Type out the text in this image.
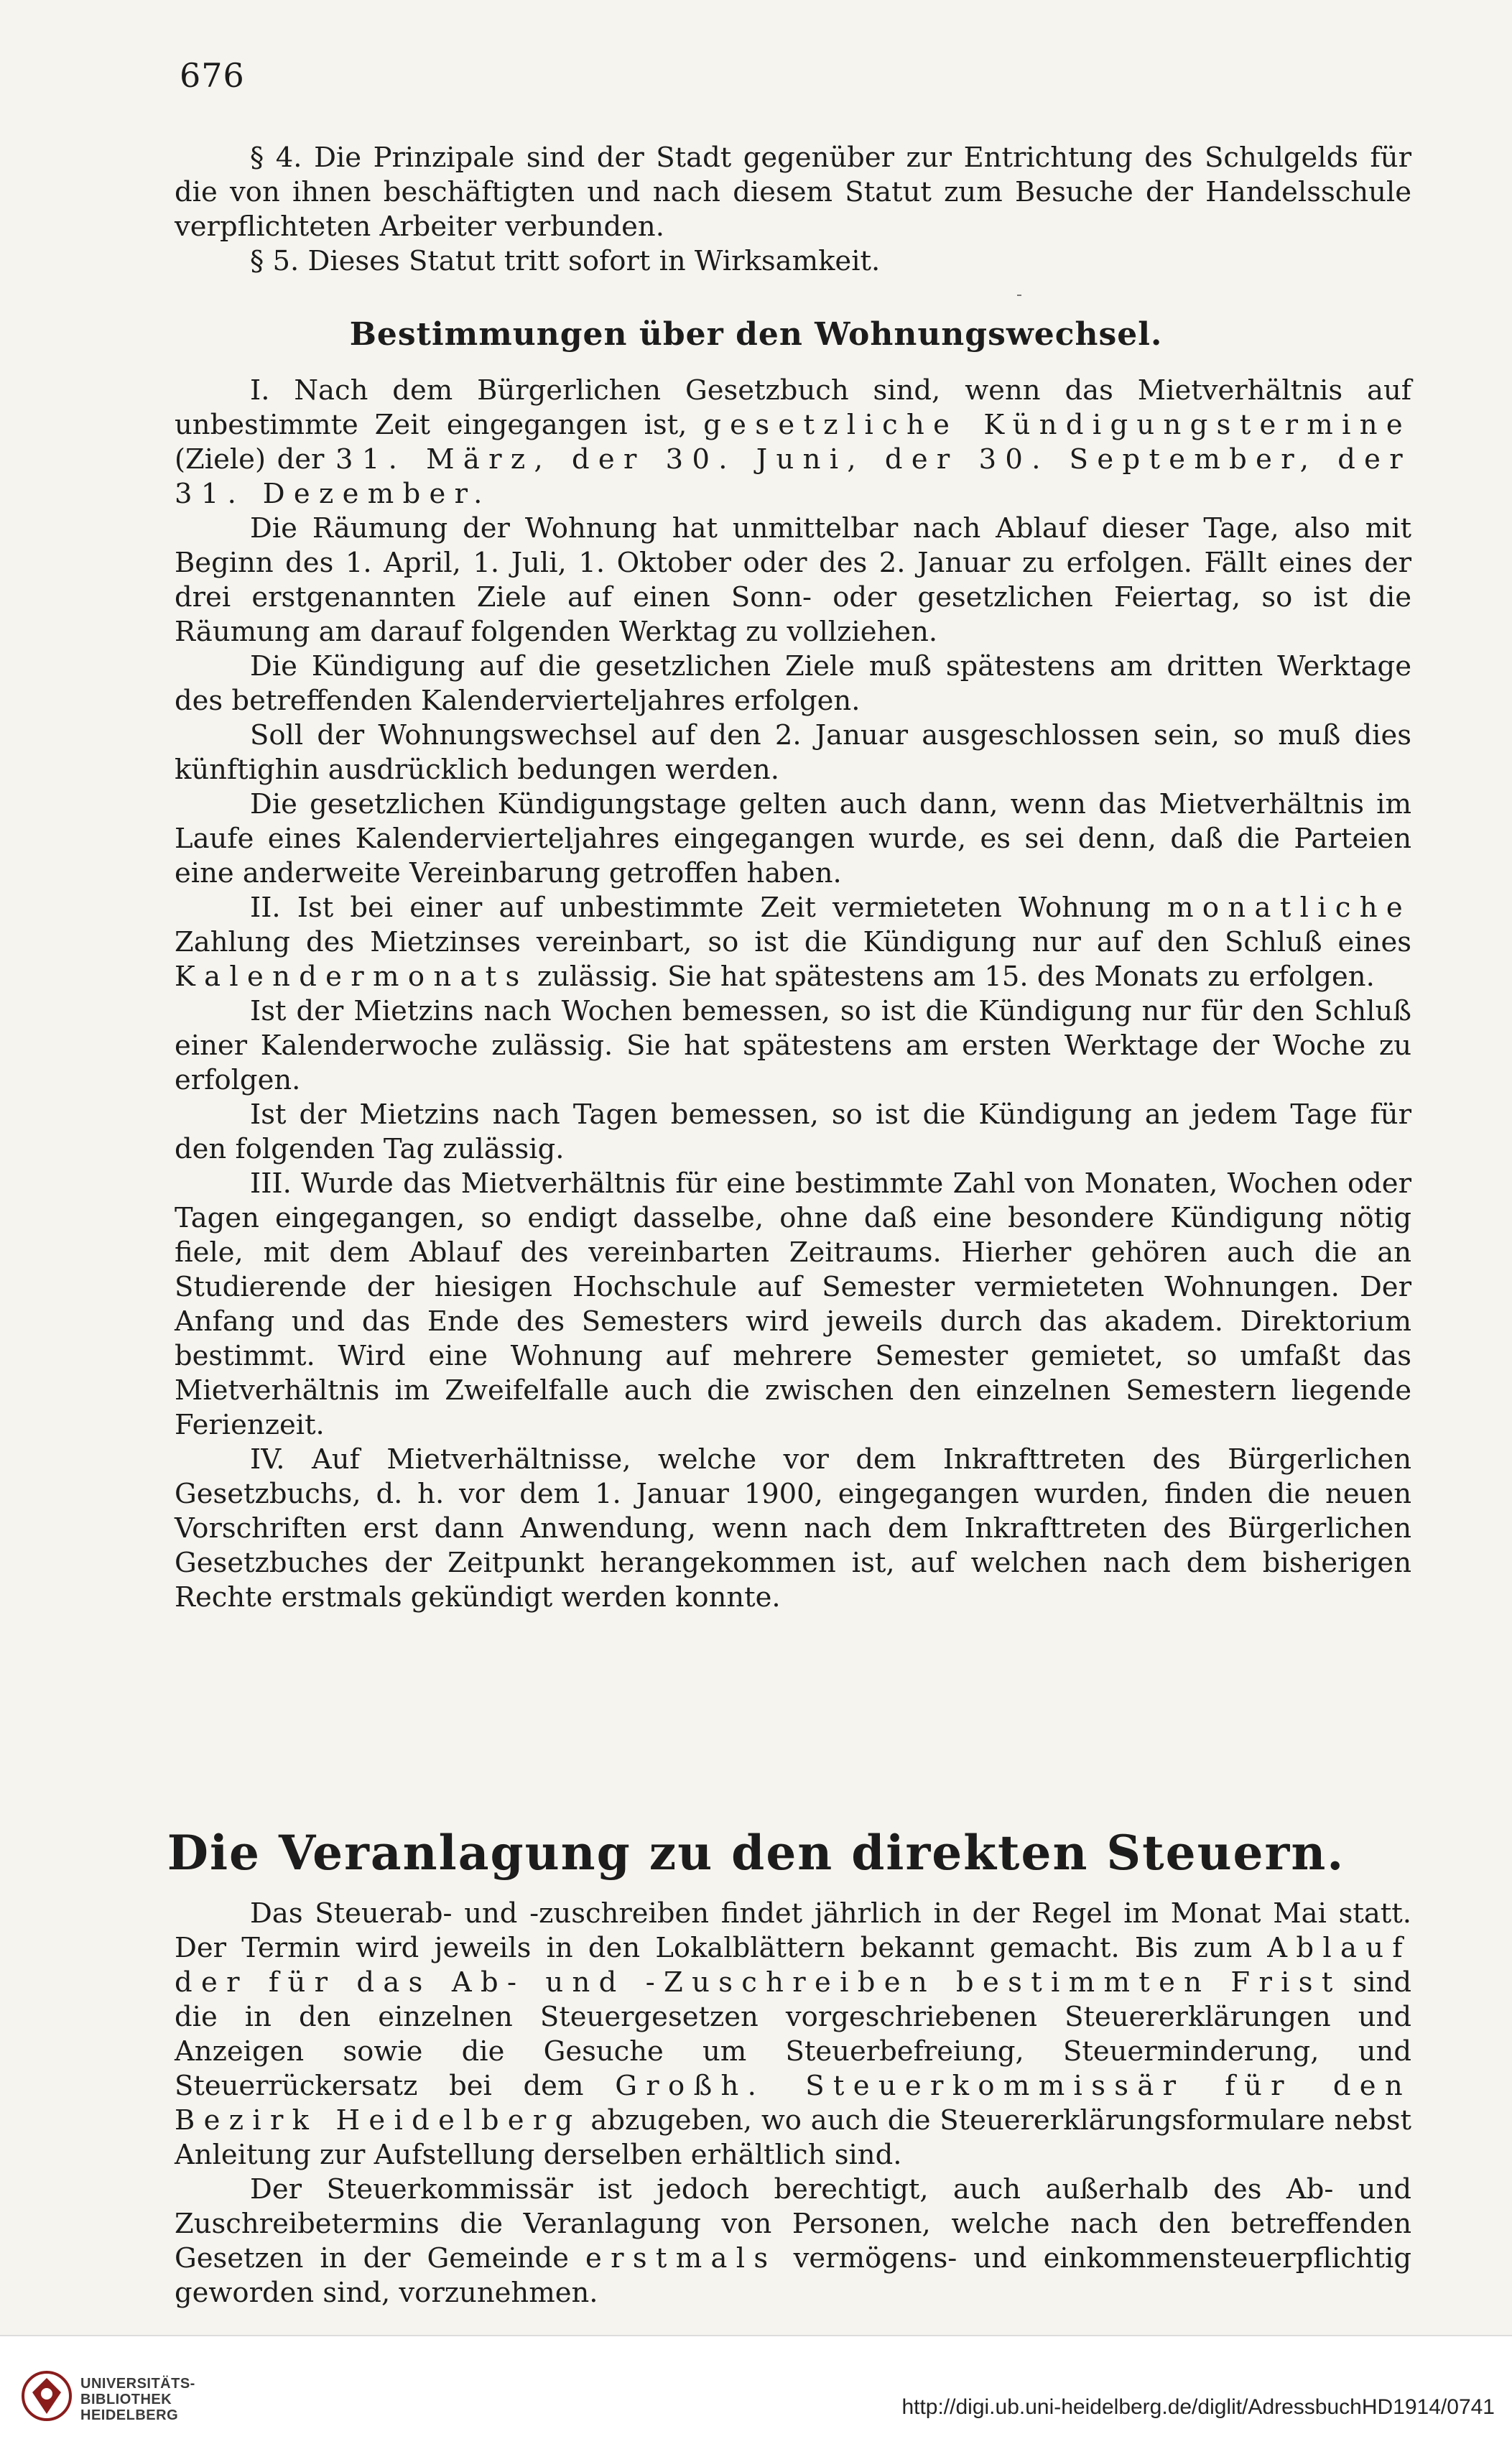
676

§ 4. Die Prinzipale sind der Stadt gegenüber zur Entrichtung des Schulgelds für die von ihnen beschäftigten und nach diesem Statut zum Besuche der Handelsschule verpflichteten Arbeiter verbunden.

§ 5. Dieses Statut tritt sofort in Wirksamkeit.

Bestimmungen über den Wohnungswechsel.

I. Nach dem Bürgerlichen Gesetzbuch sind, wenn das Mietverhältnis auf unbestimmte Zeit eingegangen ist, gesetzliche Kündigungstermine (Ziele) der 31. März, der 30. Juni, der 30. September, der 31. Dezember.

Die Räumung der Wohnung hat unmittelbar nach Ablauf dieser Tage, also mit Beginn des 1. April, 1. Juli, 1. Oktober oder des 2. Januar zu erfolgen. Fällt eines der drei erstgenannten Ziele auf einen Sonn- oder gesetzlichen Feiertag, so ist die Räumung am darauf folgenden Werktag zu vollziehen.

Die Kündigung auf die gesetzlichen Ziele muß spätestens am dritten Werktage des betreffenden Kalendervierteljahres erfolgen.

Soll der Wohnungswechsel auf den 2. Januar ausgeschlossen sein, so muß dies künftighin ausdrücklich bedungen werden.

Die gesetzlichen Kündigungstage gelten auch dann, wenn das Mietverhältnis im Laufe eines Kalendervierteljahres eingegangen wurde, es sei denn, daß die Parteien eine anderweite Vereinbarung getroffen haben.

II. Ist bei einer auf unbestimmte Zeit vermieteten Wohnung monatliche Zahlung des Mietzinses vereinbart, so ist die Kündigung nur auf den Schluß eines Kalendermonats zulässig. Sie hat spätestens am 15. des Monats zu erfolgen.

Ist der Mietzins nach Wochen bemessen, so ist die Kündigung nur für den Schluß einer Kalenderwoche zulässig. Sie hat spätestens am ersten Werktage der Woche zu erfolgen.

Ist der Mietzins nach Tagen bemessen, so ist die Kündigung an jedem Tage für den folgenden Tag zulässig.

III. Wurde das Mietverhältnis für eine bestimmte Zahl von Monaten, Wochen oder Tagen eingegangen, so endigt dasselbe, ohne daß eine besondere Kündigung nötig fiele, mit dem Ablauf des vereinbarten Zeitraums. Hierher gehören auch die an Studierende der hiesigen Hochschule auf Semester vermieteten Wohnungen. Der Anfang und das Ende des Semesters wird jeweils durch das akadem. Direktorium bestimmt. Wird eine Wohnung auf mehrere Semester gemietet, so umfaßt das Mietverhältnis im Zweifelfalle auch die zwischen den einzelnen Semestern liegende Ferienzeit.

IV. Auf Mietverhältnisse, welche vor dem Inkrafttreten des Bürgerlichen Gesetzbuchs, d. h. vor dem 1. Januar 1900, eingegangen wurden, finden die neuen Vorschriften erst dann Anwendung, wenn nach dem Inkrafttreten des Bürgerlichen Gesetzbuches der Zeitpunkt herangekommen ist, auf welchen nach dem bisherigen Rechte erstmals gekündigt werden konnte.

Die Veranlagung zu den direkten Steuern.

Das Steuerab- und -zuschreiben findet jährlich in der Regel im Monat Mai statt. Der Termin wird jeweils in den Lokalblättern bekannt gemacht. Bis zum Ablauf der für das Ab- und -Zuschreiben bestimmten Frist sind die in den einzelnen Steuergesetzen vorgeschriebenen Steuererklärungen und Anzeigen sowie die Gesuche um Steuerbefreiung, Steuerminderung, und Steuerrückersatz bei dem Großh. Steuerkommissär für den Bezirk Heidelberg abzugeben, wo auch die Steuererklärungsformulare nebst Anleitung zur Aufstellung derselben erhältlich sind.

Der Steuerkommissär ist jedoch berechtigt, auch außerhalb des Ab- und Zuschreibetermins die Veranlagung von Personen, welche nach den betreffenden Gesetzen in der Gemeinde erstmals vermögens- und einkommensteuerpflichtig geworden sind, vorzunehmen.

UNIVERSITÄTS-
BIBLIOTHEK
HEIDELBERG	http://digi.ub.uni-heidelberg.de/diglit/AdressbuchHD1914/0741
